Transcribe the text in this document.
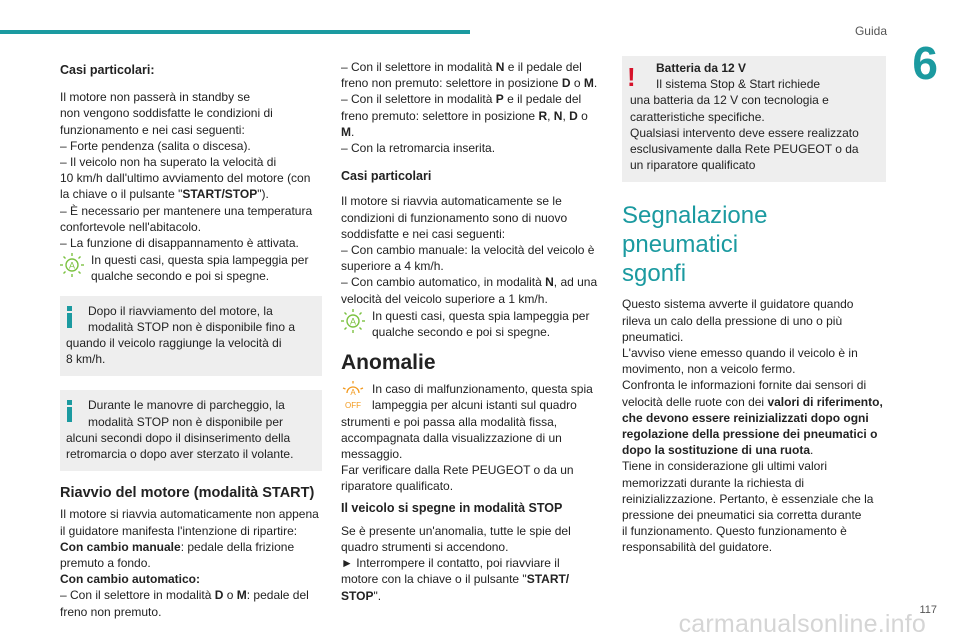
Guida
6

Casi particolari:

Il motore non passerà in standby se
non vengono soddisfatte le condizioni di
funzionamento e nei casi seguenti:
– Forte pendenza (salita o discesa).
– Il veicolo non ha superato la velocità di
10 km/h dall'ultimo avviamento del motore (con
la chiave o il pulsante "START/STOP").
– È necessario per mantenere una temperatura
confortevole nell'abitacolo.
– La funzione di disappannamento è attivata.

A In questi casi, questa spia lampeggia per
qualche secondo e poi si spegne.

Dopo il riavviamento del motore, la
modalità STOP non è disponibile fino a
quando il veicolo raggiunge la velocità di
8 km/h.

Durante le manovre di parcheggio, la
modalità STOP non è disponibile per
alcuni secondi dopo il disinserimento della
retromarcia o dopo aver sterzato il volante.

Riavvio del motore (modalità START)

Il motore si riavvia automaticamente non appena
il guidatore manifesta l'intenzione di ripartire:
Con cambio manuale: pedale della frizione
premuto a fondo.
Con cambio automatico:
– Con il selettore in modalità D o M: pedale del
freno non premuto.

– Con il selettore in modalità N e il pedale del
freno non premuto: selettore in posizione D o M.
– Con il selettore in modalità P e il pedale del
freno premuto: selettore in posizione R, N, D o
M.
– Con la retromarcia inserita.

Casi particolari

Il motore si riavvia automaticamente se le
condizioni di funzionamento sono di nuovo
soddisfatte e nei casi seguenti:
– Con cambio manuale: la velocità del veicolo è
superiore a 4 km/h.
– Con cambio automatico, in modalità N, ad una
velocità del veicolo superiore a 1 km/h.

A In questi casi, questa spia lampeggia per
qualche secondo e poi si spegne.

Anomalie

A
OFF

In caso di malfunzionamento, questa spia
lampeggia per alcuni istanti sul quadro
strumenti e poi passa alla modalità fissa,
accompagnata dalla visualizzazione di un
messaggio.
Far verificare dalla Rete PEUGEOT o da un
riparatore qualificato.

Il veicolo si spegne in modalità STOP

Se è presente un'anomalia, tutte le spie del
quadro strumenti si accendono.
► Interrompere il contatto, poi riavviare il
motore con la chiave o il pulsante "START/
STOP".

!	Batteria da 12 V
Il sistema Stop & Start richiede
una batteria da 12 V con tecnologia e
caratteristiche specifiche.
Qualsiasi intervento deve essere realizzato
esclusivamente dalla Rete PEUGEOT o da
un riparatore qualificato

Segnalazione pneumatici
sgonfi

Questo sistema avverte il guidatore quando
rileva un calo della pressione di uno o più
pneumatici.
L'avviso viene emesso quando il veicolo è in
movimento, non a veicolo fermo.
Confronta le informazioni fornite dai sensori di
velocità delle ruote con dei valori di riferimento,
che devono essere reinizializzati dopo ogni
regolazione della pressione dei pneumatici o
dopo la sostituzione di una ruota.
Tiene in considerazione gli ultimi valori
memorizzati durante la richiesta di
reinizializzazione. Pertanto, è essenziale che la
pressione dei pneumatici sia corretta durante
il funzionamento. Questo funzionamento è
responsabilità del guidatore.

117
carmanualsonline.info
